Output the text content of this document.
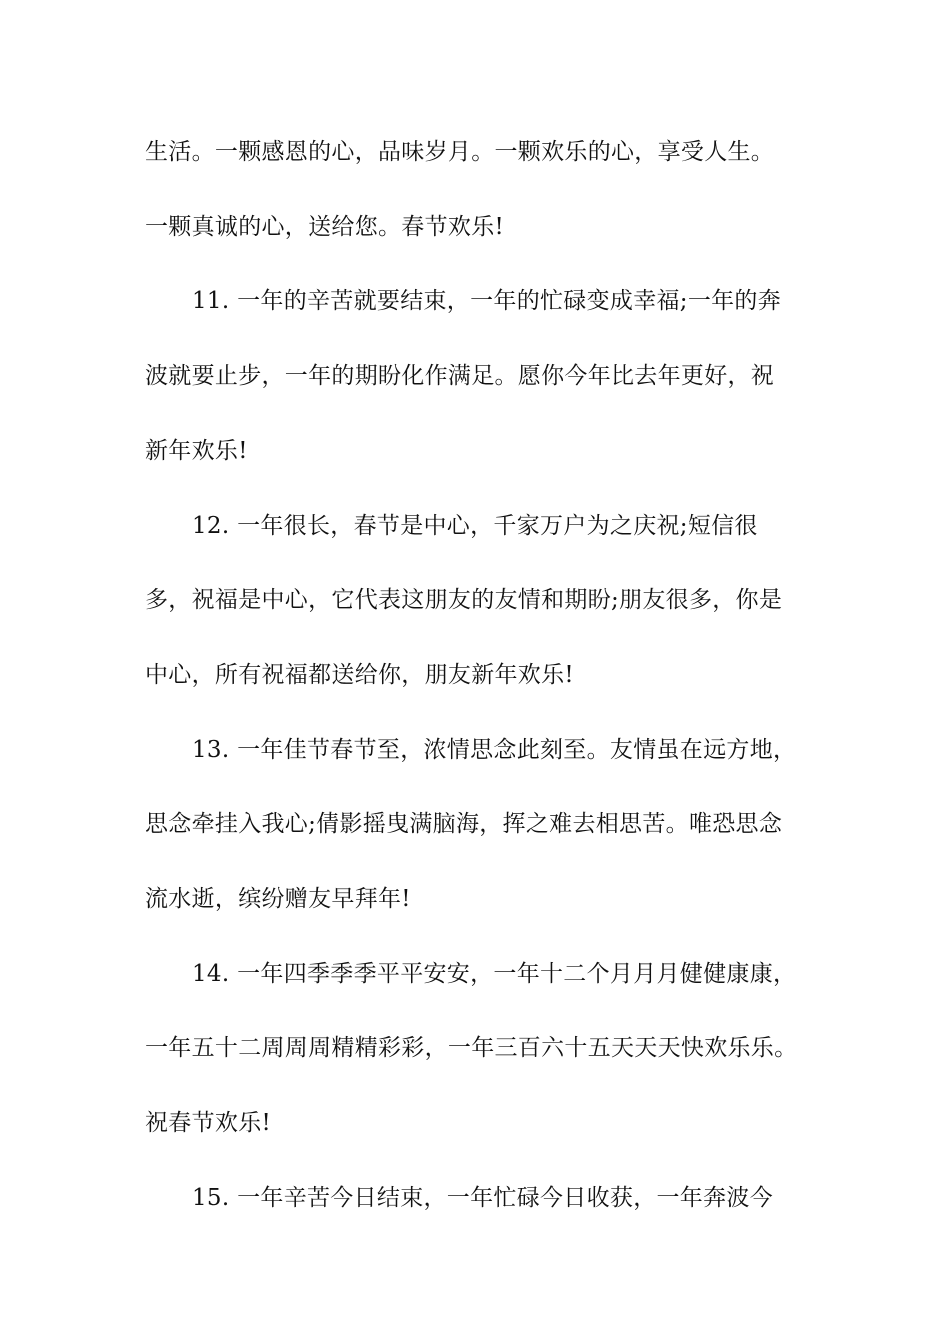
生活。一颗感恩的心，品味岁月。一颗欢乐的心，享受人生。
一颗真诚的心，送给您。春节欢乐!
11. 一年的辛苦就要结束，一年的忙碌变成幸福;一年的奔
波就要止步，一年的期盼化作满足。愿你今年比去年更好，祝
新年欢乐!
12. 一年很长，春节是中心，千家万户为之庆祝;短信很
多，祝福是中心，它代表这朋友的友情和期盼;朋友很多，你是
中心，所有祝福都送给你，朋友新年欢乐!
13. 一年佳节春节至，浓情思念此刻至。友情虽在远方地，
思念牵挂入我心;倩影摇曳满脑海，挥之难去相思苦。唯恐思念
流水逝，缤纷赠友早拜年!
14. 一年四季季季平平安安，一年十二个月月月健健康康，
一年五十二周周周精精彩彩，一年三百六十五天天天快欢乐乐。
祝春节欢乐!
15. 一年辛苦今日结束，一年忙碌今日收获，一年奔波今
